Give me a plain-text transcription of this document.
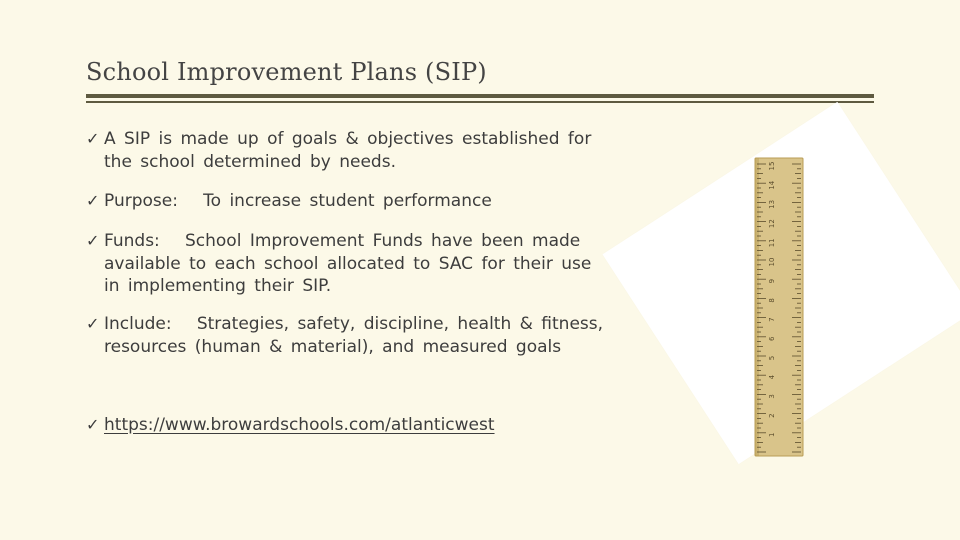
School Improvement Plans (SIP)
✓ A SIP is made up of goals & objectives established for
the school determined by needs.
✓ Purpose:   To increase student performance
✓ Funds:   School Improvement Funds have been made
available to each school allocated to SAC for their use
in implementing their SIP.
✓ Include:   Strategies, safety, discipline, health & fitness,
resources (human & material), and measured goals
✓ https://www.browardschools.com/atlanticwest	1
2
3
4
5
6
7
8
9
10
11
12
13
14
15
